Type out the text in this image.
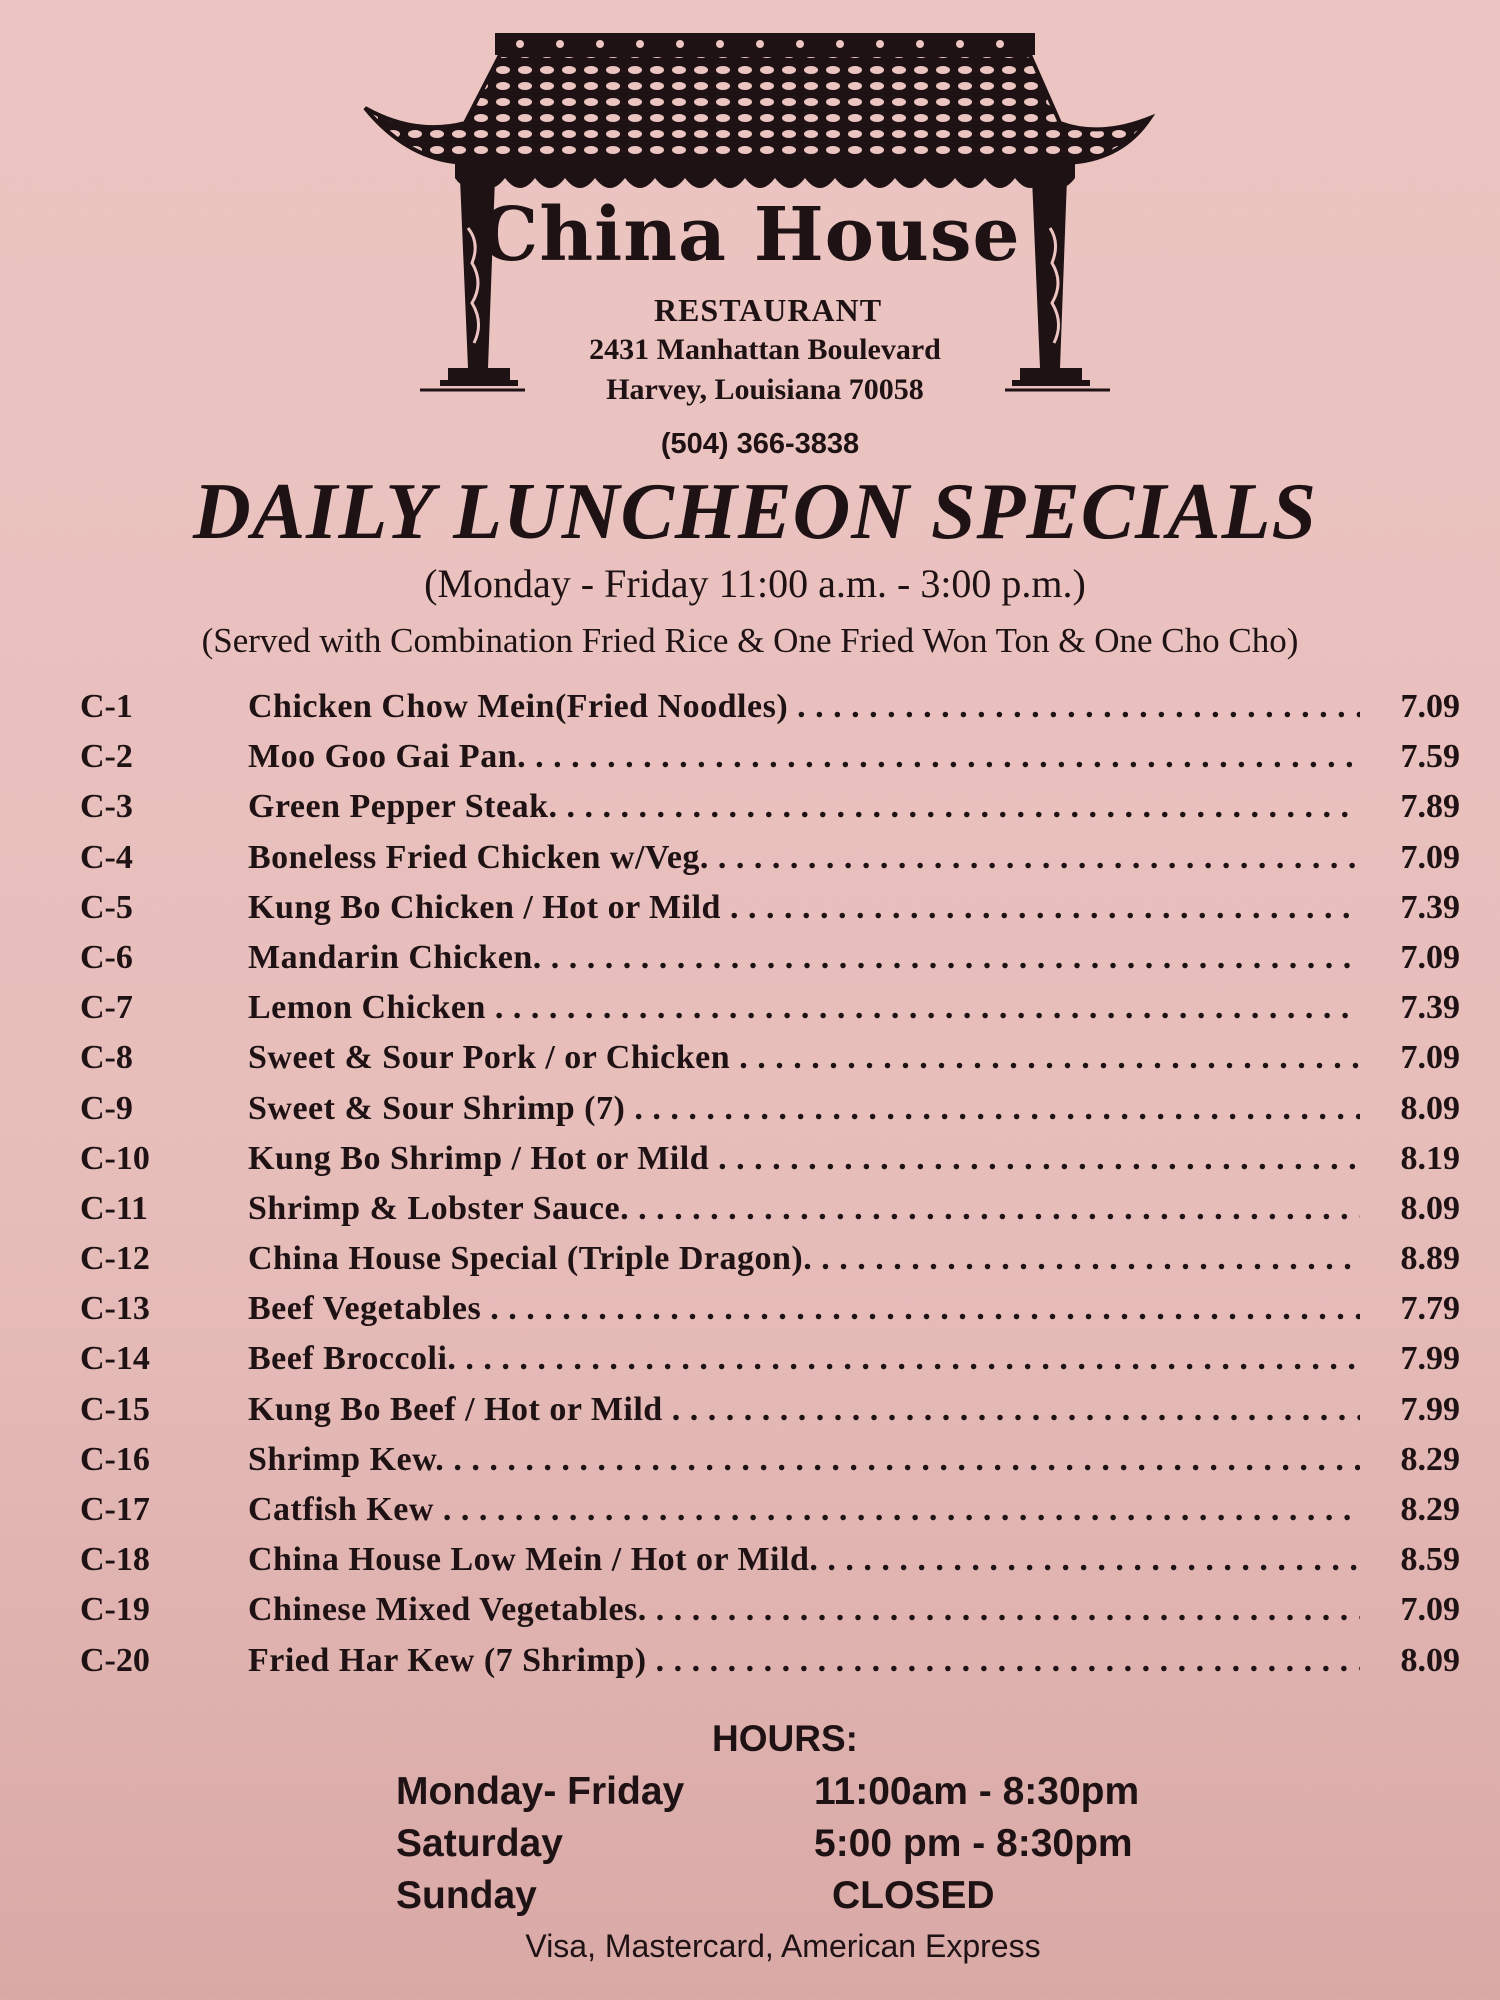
China House
RESTAURANT
2431 Manhattan Boulevard
Harvey, Louisiana 70058
(504) 366-3838
DAILY LUNCHEON SPECIALS
(Monday - Friday 11:00 a.m. - 3:00 p.m.)
(Served with Combination Fried Rice & One Fried Won Ton & One Cho Cho)
C-1	Chicken Chow Mein(Fried Noodles) . . .	7.09
C-2	Moo Goo Gai Pan. . . .	7.59
C-3	Green Pepper Steak. . . .	7.89
C-4	Boneless Fried Chicken w/Veg. . . .	7.09
C-5	Kung Bo Chicken / Hot or Mild . . .	7.39
C-6	Mandarin Chicken. . . .	7.09
C-7	Lemon Chicken . . .	7.39
C-8	Sweet & Sour Pork / or Chicken . . .	7.09
C-9	Sweet & Sour Shrimp (7) . . .	8.09
C-10	Kung Bo Shrimp / Hot or Mild . . .	8.19
C-11	Shrimp & Lobster Sauce. . . .	8.09
C-12	China House Special (Triple Dragon). . . .	8.89
C-13	Beef Vegetables . . .	7.79
C-14	Beef Broccoli. . . .	7.99
C-15	Kung Bo Beef / Hot or Mild . . .	7.99
C-16	Shrimp Kew. . . .	8.29
C-17	Catfish Kew . . .	8.29
C-18	China House Low Mein / Hot or Mild. . . .	8.59
C-19	Chinese Mixed Vegetables. . . .	7.09
C-20	Fried Har Kew (7 Shrimp) . . .	8.09
HOURS:
Monday- Friday	11:00am - 8:30pm
Saturday	5:00 pm - 8:30pm
Sunday	CLOSED
Visa, Mastercard, American Express
